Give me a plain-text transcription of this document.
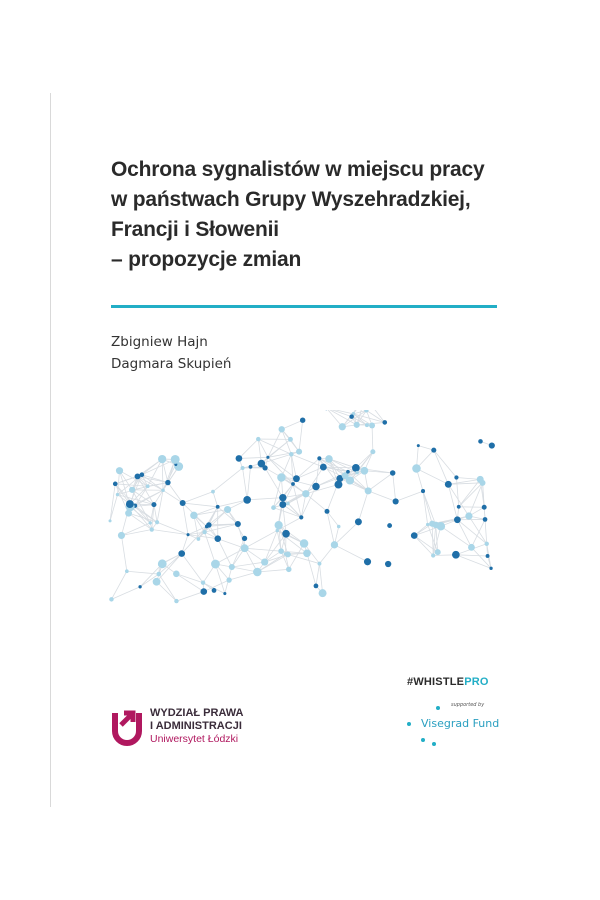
Ochrona sygnalistów w miejscu pracy
w państwach Grupy Wyszehradzkiej,
Francji i Słowenii
– propozycje zmian
Zbigniew Hajn
Dagmara Skupień
#WHISTLEPRO
supported by
Visegrad Fund
WYDZIAŁ PRAWA
I ADMINISTRACJI
Uniwersytet Łódzki
